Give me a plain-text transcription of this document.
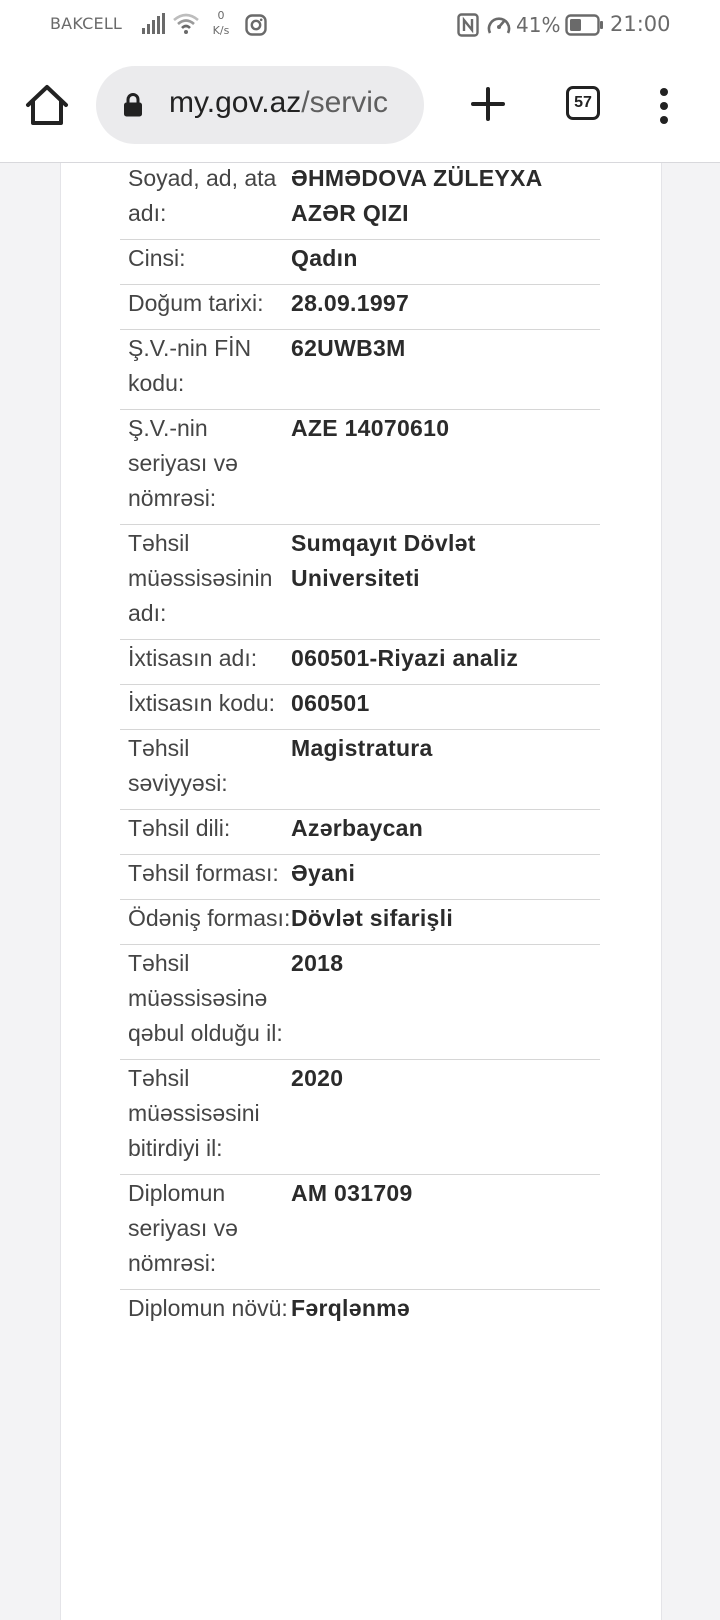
Soyad, ad, ata adı:
ƏHMƏDOVA ZÜLEYXA AZƏR QIZI
Cinsi:	Qadın
Doğum tarixi:	28.09.1997
Ş.V.-nin FİN kodu:
62UWB3M
Ş.V.-nin seriyası və nömrəsi:
AZE 14070610
Təhsil müəssisəsinin adı:
Sumqayıt Dövlət Universiteti
İxtisasın adı:	060501-Riyazi analiz
İxtisasın kodu: 060501
Təhsil səviyyəsi:
Magistratura
Təhsil dili:	Azərbaycan
Təhsil forması: Əyani
Ödəniş forması: Dövlət sifarişli
Təhsil müəssisəsinə qəbul olduğu il:
2018
Təhsil müəssisəsini bitirdiyi il:
2020
Diplomun seriyası və nömrəsi:
AM 031709
Diplomun növü: Fərqlənmə
BAKCELL	0
K/s	41% 21:00
my.gov.az/servic	57
